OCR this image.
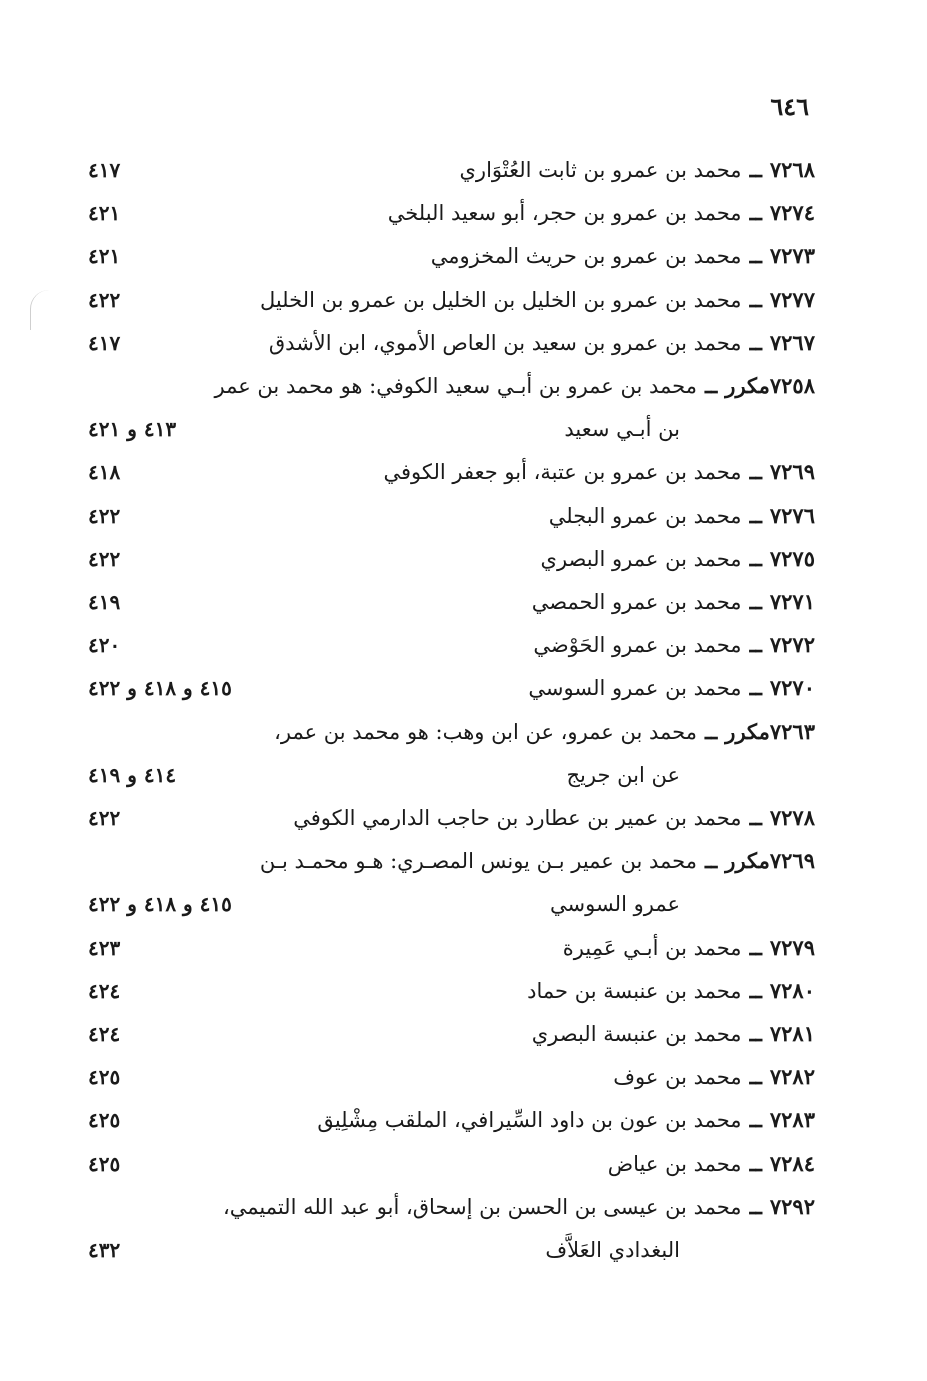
٦٤٦
٧٢٦٨ــمحمد بن عمرو بن ثابت العُتْوَاري
٤١٧
٧٢٧٤ــمحمد بن عمرو بن حجر، أبو سعيد البلخي
٤٢١
٧٢٧٣ــمحمد بن عمرو بن حريث المخزومي
٤٢١
٧٢٧٧ــمحمد بن عمرو بن الخليل بن الخليل بن عمرو بن الخليل
٤٢٢
٧٢٦٧ــمحمد بن عمرو بن سعيد بن العاص الأموي، ابن الأشدق
٤١٧
٧٢٥٨مكررــمحمد بن عمرو بن أبـي سعيد الكوفي: هو محمد بن عمر
بن أبـي سعيد
٤١٣ و ٤٢١
٧٢٦٩ــمحمد بن عمرو بن عتبة، أبو جعفر الكوفي
٤١٨
٧٢٧٦ــمحمد بن عمرو البجلي
٤٢٢
٧٢٧٥ــمحمد بن عمرو البصري
٤٢٢
٧٢٧١ــمحمد بن عمرو الحمصي
٤١٩
٧٢٧٢ــمحمد بن عمرو الحَوْضي
٤٢٠
٧٢٧٠ــمحمد بن عمرو السوسي
٤١٥ و ٤١٨ و ٤٢٢
٧٢٦٣مكررــمحمد بن عمرو، عن ابن وهب: هو محمد بن عمر،
عن ابن جريج
٤١٤ و ٤١٩
٧٢٧٨ــمحمد بن عمير بن عطارد بن حاجب الدارمي الكوفي
٤٢٢
٧٢٦٩مكررــمحمد بن عمير بـن يونس المصـري: هـو محمـد بـن
عمرو السوسي
٤١٥ و ٤١٨ و ٤٢٢
٧٢٧٩ــمحمد بن أبـي عَمِيرة
٤٢٣
٧٢٨٠ــمحمد بن عنبسة بن حماد
٤٢٤
٧٢٨١ــمحمد بن عنبسة البصري
٤٢٤
٧٢٨٢ــمحمد بن عوف
٤٢٥
٧٢٨٣ــمحمد بن عون بن داود السِّيرافي، الملقب مِشْلِيق
٤٢٥
٧٢٨٤ــمحمد بن عياض
٤٢٥
٧٢٩٢ــمحمد بن عيسى بن الحسن بن إسحاق، أبو عبد الله التميمي،
البغدادي العَلاَّف
٤٣٢
